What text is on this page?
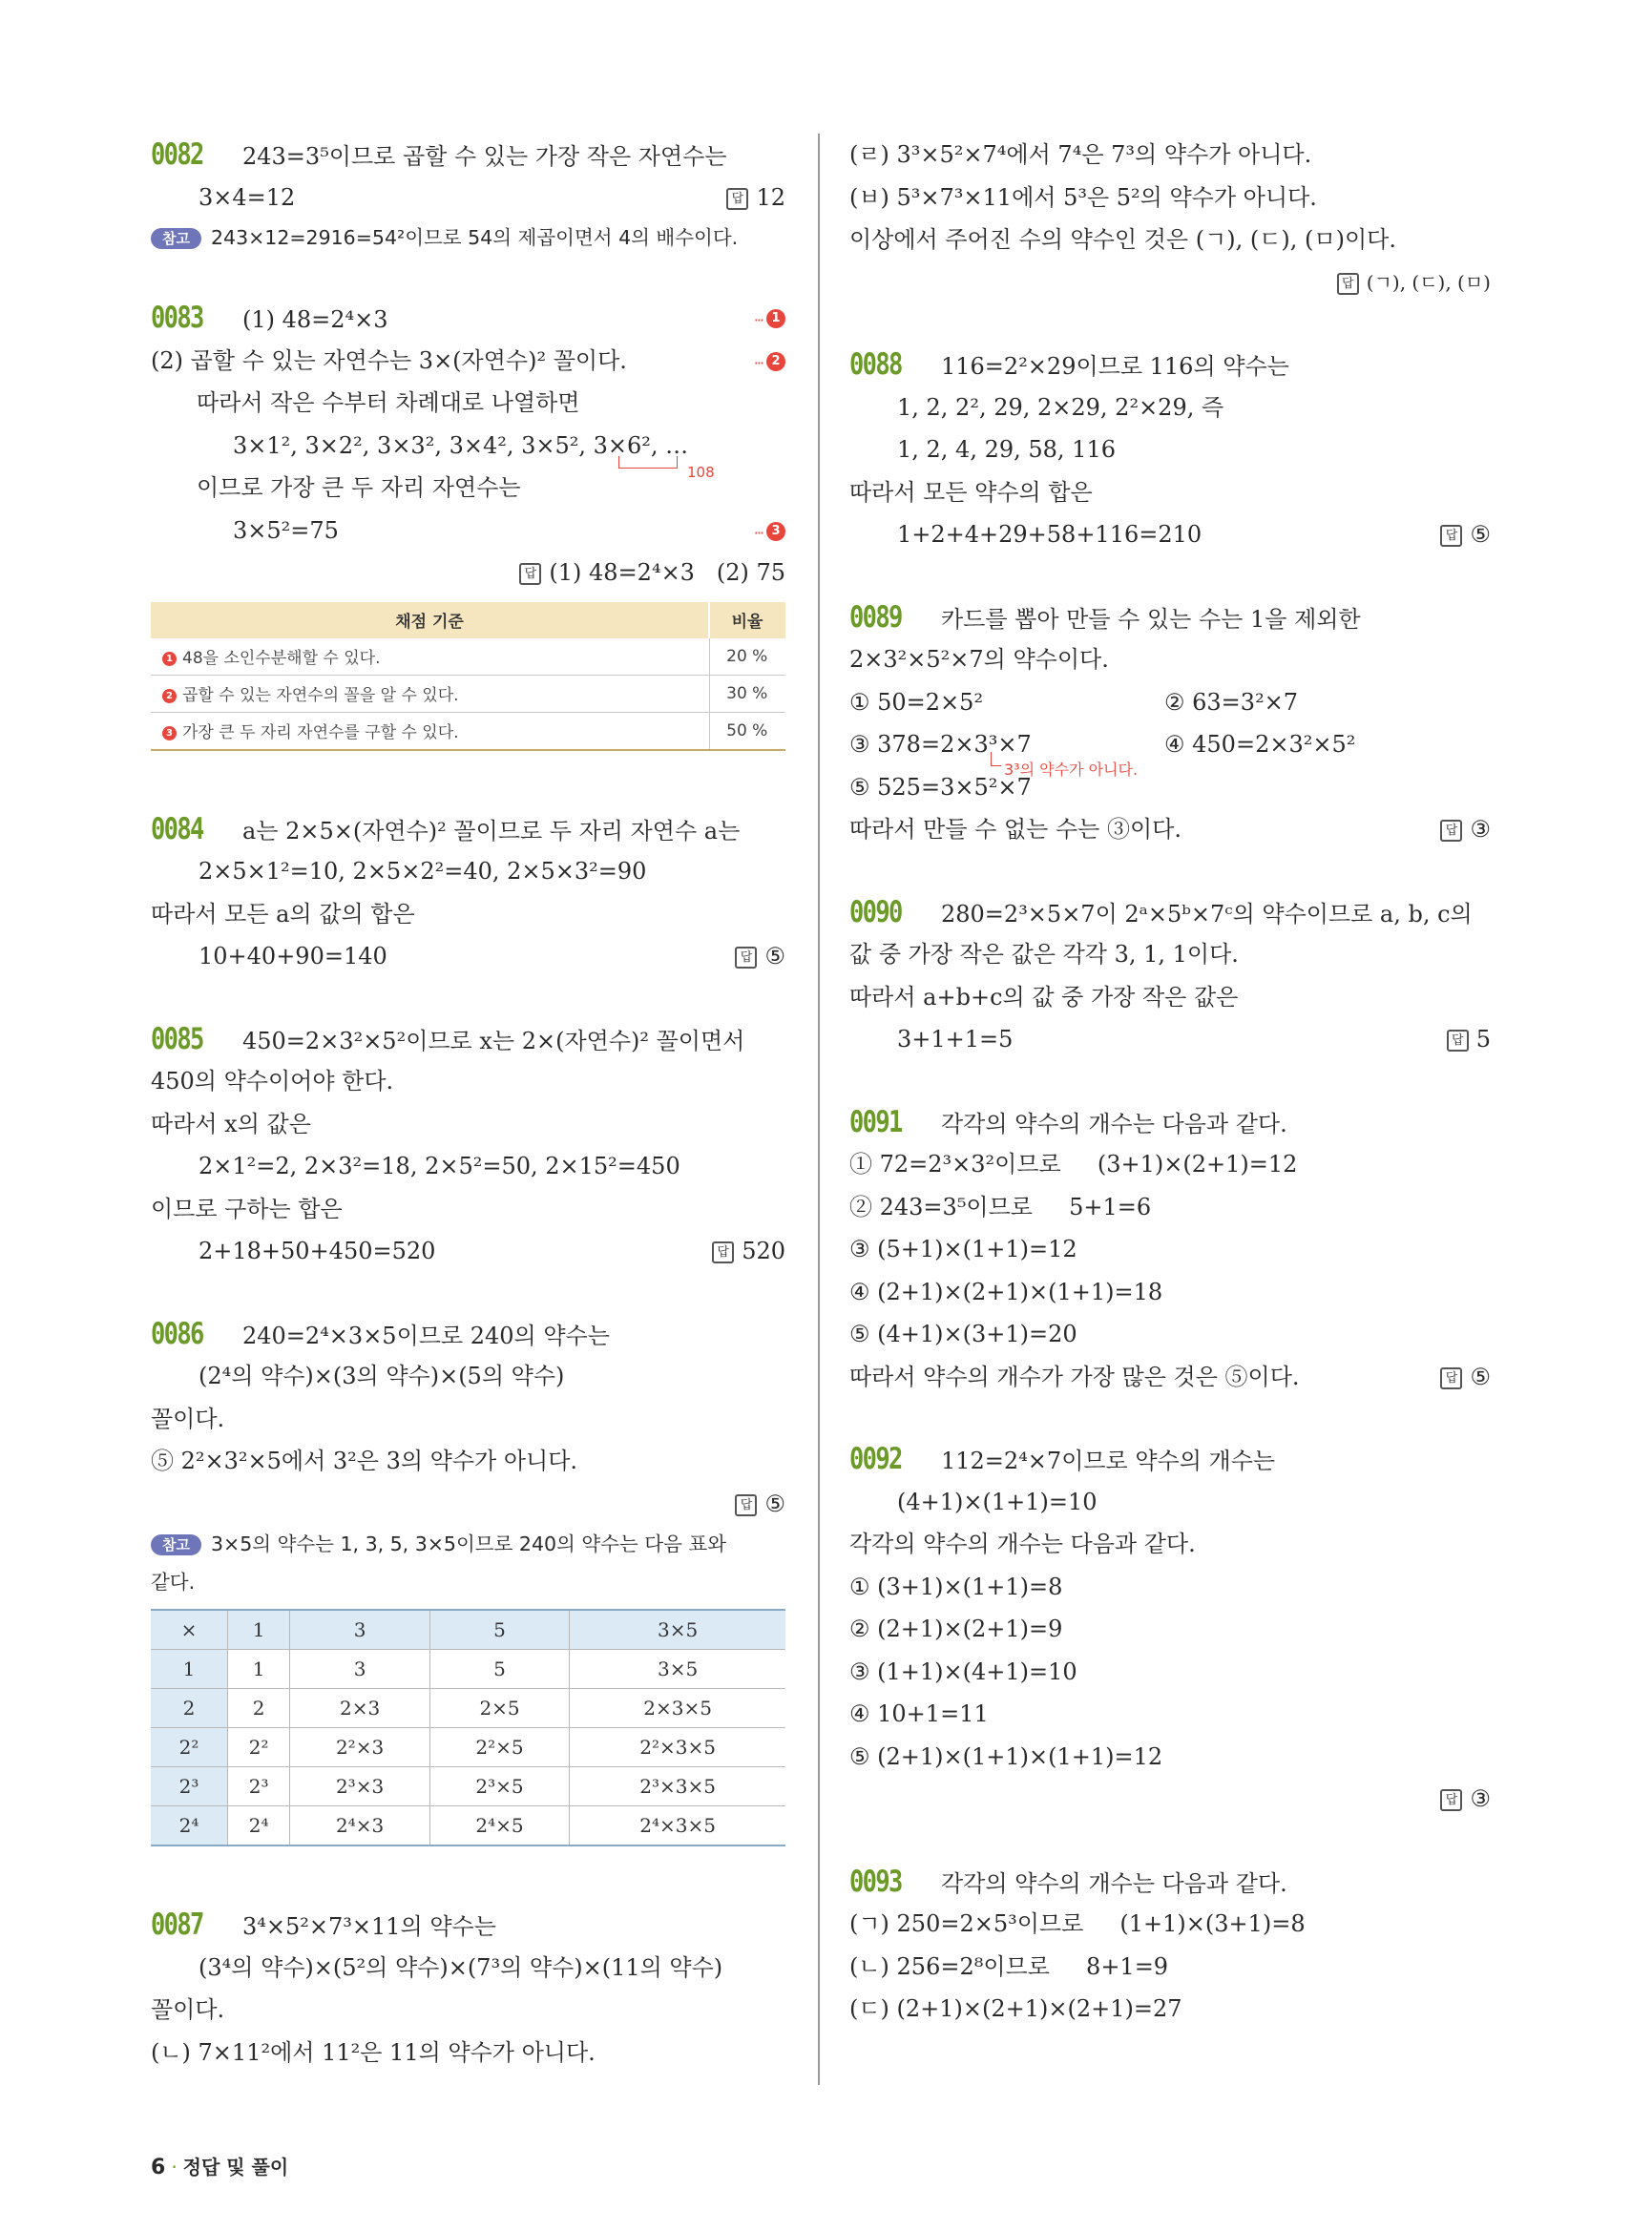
0082 243=3⁵이므로 곱할 수 있는 가장 작은 자연수는
3×4=12	답 12
참고 243×12=2916=54²이므로 54의 제곱이면서 4의 배수이다.
0083 (1) 48=2⁴×3	··· 1
(2) 곱할 수 있는 자연수는 3×(자연수)² 꼴이다.	··· 2
따라서 작은 수부터 차례대로 나열하면
3×1², 3×2², 3×3², 3×4², 3×5², 3×6², …
108
이므로 가장 큰 두 자리 자연수는
3×5²=75	··· 3
답 (1) 48=2⁴×3   (2) 75
채점 기준	비율
1 48을 소인수분해할 수 있다.	20 %
2 곱할 수 있는 자연수의 꼴을 알 수 있다.	30 %
3 가장 큰 두 자리 자연수를 구할 수 있다.	50 %
0084 a는 2×5×(자연수)² 꼴이므로 두 자리 자연수 a는
2×5×1²=10, 2×5×2²=40, 2×5×3²=90
따라서 모든 a의 값의 합은
10+40+90=140	답 ⑤
0085 450=2×3²×5²이므로 x는 2×(자연수)² 꼴이면서
450의 약수이어야 한다.
따라서 x의 값은
2×1²=2, 2×3²=18, 2×5²=50, 2×15²=450
이므로 구하는 합은
2+18+50+450=520	답 520
0086 240=2⁴×3×5이므로 240의 약수는
(2⁴의 약수)×(3의 약수)×(5의 약수)
꼴이다.
⑤ 2²×3²×5에서 3²은 3의 약수가 아니다.
답 ⑤
참고 3×5의 약수는 1, 3, 5, 3×5이므로 240의 약수는 다음 표와
같다.
×	1	3	5	3×5
1	1	3	5	3×5
2	2	2×3	2×5	2×3×5
2²	2²	2²×3	2²×5	2²×3×5
2³	2³	2³×3	2³×5	2³×3×5
2⁴	2⁴	2⁴×3	2⁴×5	2⁴×3×5
0087 3⁴×5²×7³×11의 약수는
(3⁴의 약수)×(5²의 약수)×(7³의 약수)×(11의 약수)
꼴이다.
(ㄴ) 7×11²에서 11²은 11의 약수가 아니다.
(ㄹ) 3³×5²×7⁴에서 7⁴은 7³의 약수가 아니다.
(ㅂ) 5³×7³×11에서 5³은 5²의 약수가 아니다.
이상에서 주어진 수의 약수인 것은 (ㄱ), (ㄷ), (ㅁ)이다.
답 (ㄱ), (ㄷ), (ㅁ)
0088 116=2²×29이므로 116의 약수는
1, 2, 2², 29, 2×29, 2²×29, 즉
1, 2, 4, 29, 58, 116
따라서 모든 약수의 합은
1+2+4+29+58+116=210	답 ⑤
0089 카드를 뽑아 만들 수 있는 수는 1을 제외한
2×3²×5²×7의 약수이다.
① 50=2×5²	② 63=3²×7
③ 378=2×3³×7	④ 450=2×3²×5²
3³의 약수가 아니다.
⑤ 525=3×5²×7
따라서 만들 수 없는 수는 ③이다.	답 ③
0090 280=2³×5×7이 2ᵃ×5ᵇ×7ᶜ의 약수이므로 a, b, c의
값 중 가장 작은 값은 각각 3, 1, 1이다.
따라서 a+b+c의 값 중 가장 작은 값은
3+1+1=5	답 5
0091 각각의 약수의 개수는 다음과 같다.
① 72=2³×3²이므로     (3+1)×(2+1)=12
② 243=3⁵이므로     5+1=6
③ (5+1)×(1+1)=12
④ (2+1)×(2+1)×(1+1)=18
⑤ (4+1)×(3+1)=20
따라서 약수의 개수가 가장 많은 것은 ⑤이다.	답 ⑤
0092 112=2⁴×7이므로 약수의 개수는
(4+1)×(1+1)=10
각각의 약수의 개수는 다음과 같다.
① (3+1)×(1+1)=8
② (2+1)×(2+1)=9
③ (1+1)×(4+1)=10
④ 10+1=11
⑤ (2+1)×(1+1)×(1+1)=12
답 ③
0093 각각의 약수의 개수는 다음과 같다.
(ㄱ) 250=2×5³이므로     (1+1)×(3+1)=8
(ㄴ) 256=2⁸이므로     8+1=9
(ㄷ) (2+1)×(2+1)×(2+1)=27
6 · 정답 및 풀이
